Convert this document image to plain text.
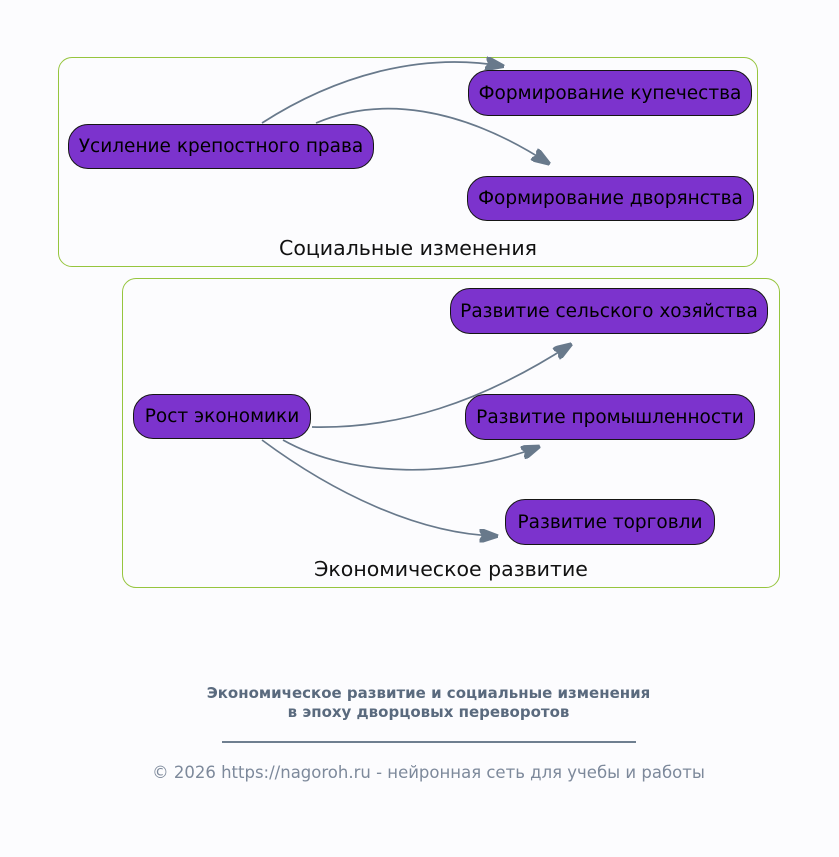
Социальные изменения
Экономическое развитие
Усиление крепостного права
Формирование купечества
Формирование дворянства
Рост экономики
Развитие сельского хозяйства
Развитие промышленности
Развитие торговли
Экономическое развитие и социальные изменения
в эпоху дворцовых переворотов
© 2026 https://nagoroh.ru - нейронная сеть для учебы и работы
